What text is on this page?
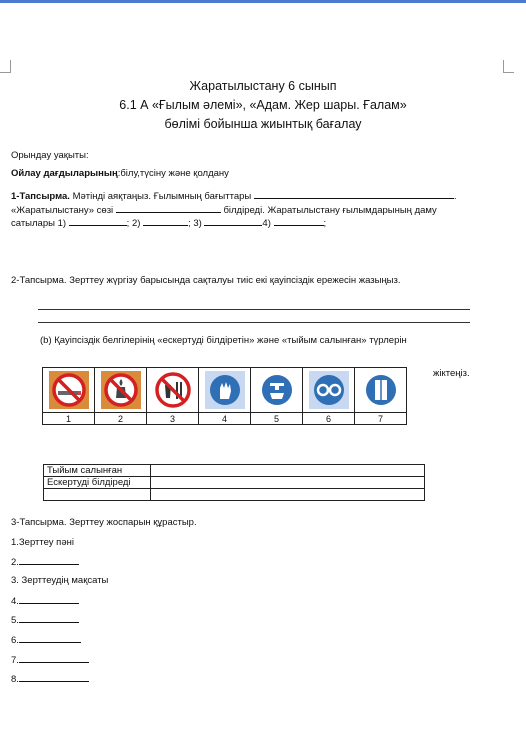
Жаратылыстану 6 сынып
6.1 А «Ғылым әлемі», «Адам. Жер шары. Ғалам»
бөлімі бойынша жиынтық бағалау
Орындау уақыты:
Ойлау дағдыларының:білу,түсіну және қолдану
1-Тапсырма. Мәтінді аяқтаңыз. Ғылымның бағыттары	.
«Жаратылыстану» сөзі	білдіреді. Жаратылыстану ғылымдарының даму
сатылары 1)	; 2)	; 3)	4)	;
2-Тапсырма. Зерттеу жүргізу барысында сақталуы тиіс екі қауіпсіздік ережесін жазыңыз.
(b) Қауіпсіздік белгілерінің «ескертуді білдіретін» және «тыйым салынған» түрлерін
жіктеңіз.

1	2	3	4	5	6	7
Тыйым салынған	
Ескертуді білдіреді	

3-Тапсырма. Зерттеу жоспарын құрастыр.
1.Зерттеу пәні
2.
3. Зерттеудің мақсаты
4.
5.
6.
7.
8.
